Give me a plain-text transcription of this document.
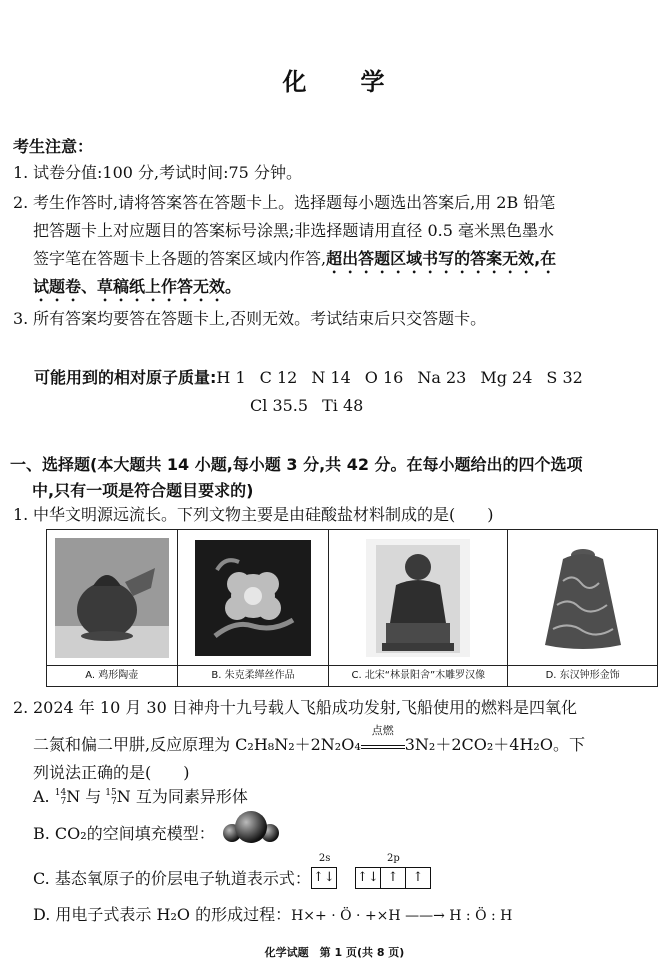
化 学
考生注意：
1. 试卷分值:100 分,考试时间:75 分钟。
2. 考生作答时,请将答案答在答题卡上。选择题每小题选出答案后,用 2B 铅笔
把答题卡上对应题目的答案标号涂黑;非选择题请用直径 0.5 毫米黑色墨水
签字笔在答题卡上各题的答案区域内作答,超出答题区域书写的答案无效,在
试题卷、草稿纸上作答无效。
3. 所有答案均要答在答题卡上,否则无效。考试结束后只交答题卡。
可能用到的相对原子质量:H 1 C 12 N 14 O 16 Na 23 Mg 24 S 32
Cl 35.5 Ti 48
一、选择题(本大题共 14 小题,每小题 3 分,共 42 分。在每小题给出的四个选项
中,只有一项是符合题目要求的)
1. 中华文明源远流长。下列文物主要是由硅酸盐材料制成的是(　　)
A. 鸡形陶壶	B. 朱克柔缂丝作品	C. 北宋“林景阳舍”木雕罗汉像	D. 东汉钟形金饰
2. 2024 年 10 月 30 日神舟十九号载人飞船成功发射,飞船使用的燃料是四氧化
二氮和偏二甲肼,反应原理为 C₂H₈N₂＋2N₂O₄
点燃
3N₂＋2CO₂＋4H₂O。下
列说法正确的是(　　)
A. 14
7N 与 15
7N 互为同素异形体
B. CO₂的空间填充模型：
C. 基态氧原子的价层电子轨道表示式：
2s
↑↓
2p
↑↓ ↑ ↑
D. 用电子式表示 H₂O 的形成过程：H×+ · Ö · +×H ——→ H : Ö : H
化学试题　第 1 页(共 8 页)
